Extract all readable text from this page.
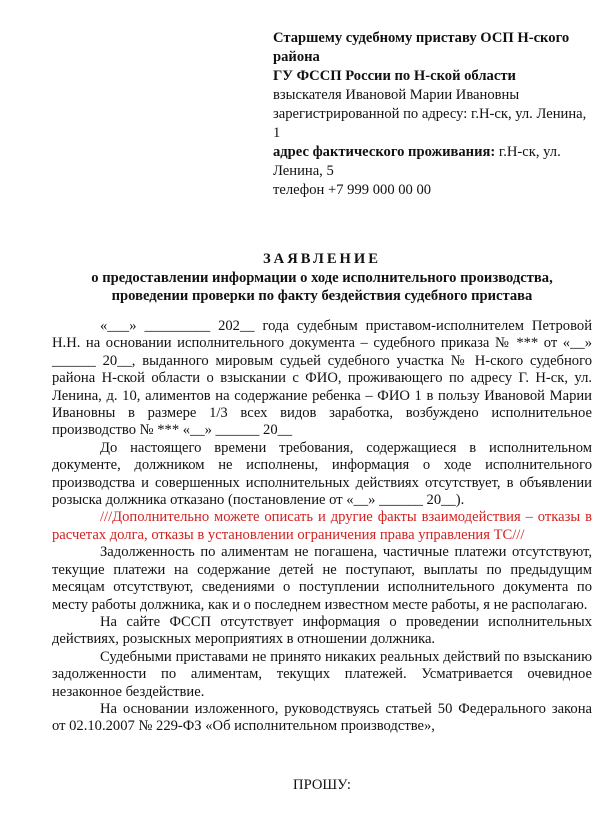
Старшему судебному приставу ОСП Н-ского района
ГУ ФССП России по Н-ской области
взыскателя Ивановой Марии Ивановны
зарегистрированной по адресу: г.Н-ск, ул. Ленина, 1
адрес фактического проживания: г.Н-ск, ул. Ленина, 5
телефон +7 999 000 00 00
ЗАЯВЛЕНИЕ
о предоставлении информации о ходе исполнительного производства,
проведении проверки по факту бездействия судебного пристава

«___» _________ 202__ года судебным приставом-исполнителем Петровой Н.Н. на основании исполнительного документа – судебного приказа № *** от «__» ______ 20__, выданного мировым судьей судебного участка № Н-ского судебного района Н-ской области о взыскании с ФИО, проживающего по адресу Г. Н-ск, ул. Ленина, д. 10, алиментов на содержание ребенка – ФИО 1 в пользу Ивановой Марии Ивановны в размере 1/3 всех видов заработка, возбуждено исполнительное производство № *** «__» ______ 20__

До настоящего времени требования, содержащиеся в исполнительном документе, должником не исполнены, информация о ходе исполнительного производства и совершенных исполнительных действиях отсутствует, в объявлении розыска должника отказано (постановление от «__» ______ 20__).

///Дополнительно можете описать и другие факты взаимодействия – отказы в расчетах долга, отказы в установлении ограничения права управления ТС///

Задолженность по алиментам не погашена, частичные платежи отсутствуют, текущие платежи на содержание детей не поступают, выплаты по предыдущим месяцам отсутствуют, сведениями о поступлении исполнительного документа по месту работы должника, как и о последнем известном месте работы, я не располагаю.

На сайте ФССП отсутствует информация о проведении исполнительных действиях, розыскных мероприятиях в отношении должника.

Судебными приставами не принято никаких реальных действий по взысканию задолженности по алиментам, текущих платежей. Усматривается очевидное незаконное бездействие.

На основании изложенного, руководствуясь статьей 50 Федерального закона от 02.10.2007 № 229-ФЗ «Об исполнительном производстве»,

ПРОШУ:
